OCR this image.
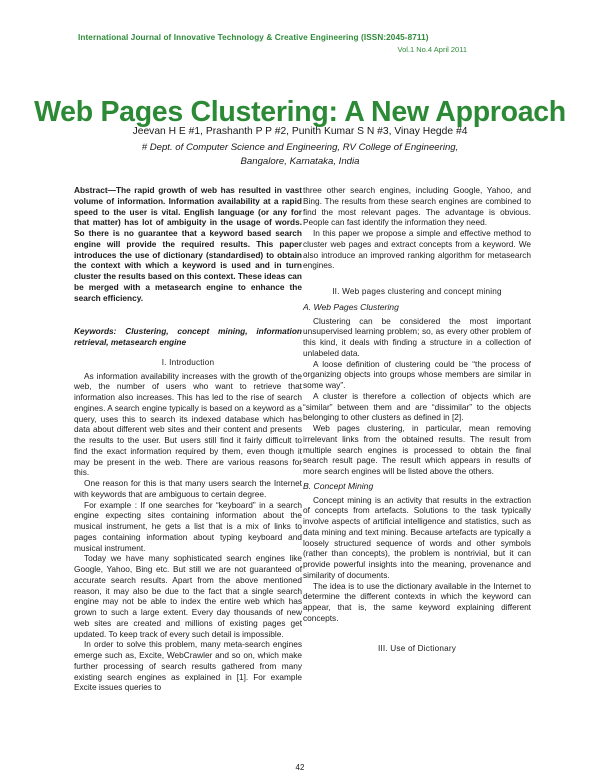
International Journal of Innovative Technology & Creative Engineering (ISSN:2045-8711)
Vol.1 No.4 April 2011
Web Pages Clustering: A New Approach
Jeevan H E #1, Prashanth P P #2, Punith Kumar S N #3, Vinay Hegde #4
# Dept. of Computer Science and Engineering, RV College of Engineering,
Bangalore, Karnataka, India

Abstract—The rapid growth of web has resulted in vast volume of information. Information availability at a rapid speed to the user is vital. English language (or any for that matter) has lot of ambiguity in the usage of words. So there is no guarantee that a keyword based search engine will provide the required results. This paper introduces the use of dictionary (standardised) to obtain the context with which a keyword is used and in turn cluster the results based on this context. These ideas can be merged with a metasearch engine to enhance the search efficiency.

Keywords: Clustering, concept mining, information retrieval, metasearch engine

I. Introduction

As information availability increases with the growth of the web, the number of users who want to retrieve that information also increases. This has led to the rise of search engines. A search engine typically is based on a keyword as a query, uses this to search its indexed database which has data about different web sites and their content and presents the results to the user. But users still find it fairly difficult to find the exact information required by them, even though it may be present in the web. There are various reasons for this.

One reason for this is that many users search the Internet with keywords that are ambiguous to certain degree.

For example : If one searches for “keyboard” in a search engine expecting sites containing information about the musical instrument, he gets a list that is a mix of links to pages containing information about typing keyboard and musical instrument.

Today we have many sophisticated search engines like Google, Yahoo, Bing etc. But still we are not guaranteed of accurate search results. Apart from the above mentioned reason, it may also be due to the fact that a single search engine may not be able to index the entire web which has grown to such a large extent. Every day thousands of new web sites are created and millions of existing pages get updated. To keep track of every such detail is impossible.

In order to solve this problem, many meta-search engines emerge such as, Excite, WebCrawler and so on, which make further processing of search results gathered from many existing search engines as explained in [1]. For example Excite issues queries to

three other search engines, including Google, Yahoo, and Bing. The results from these search engines are combined to find the most relevant pages. The advantage is obvious. People can fast identify the information they need.

In this paper we propose a simple and effective method to cluster web pages and extract concepts from a keyword. We also introduce an improved ranking algorithm for metasearch engines.

II. Web pages clustering and concept mining
A. Web Pages Clustering

Clustering can be considered the most important unsupervised learning problem; so, as every other problem of this kind, it deals with finding a structure in a collection of unlabeled data.

A loose definition of clustering could be “the process of organizing objects into groups whose members are similar in some way”.

A cluster is therefore a collection of objects which are “similar” between them and are “dissimilar” to the objects belonging to other clusters as defined in [2].

Web pages clustering, in particular, mean removing irrelevant links from the obtained results. The result from multiple search engines is processed to obtain the final search result page. The result which appears in results of more search engines will be listed above the others.

B. Concept Mining

Concept mining is an activity that results in the extraction of concepts from artefacts. Solutions to the task typically involve aspects of artificial intelligence and statistics, such as data mining and text mining. Because artefacts are typically a loosely structured sequence of words and other symbols (rather than concepts), the problem is nontrivial, but it can provide powerful insights into the meaning, provenance and similarity of documents.

The idea is to use the dictionary available in the Internet to determine the different contexts in which the keyword can appear, that is, the same keyword explaining different concepts.

III. Use of Dictionary
42
